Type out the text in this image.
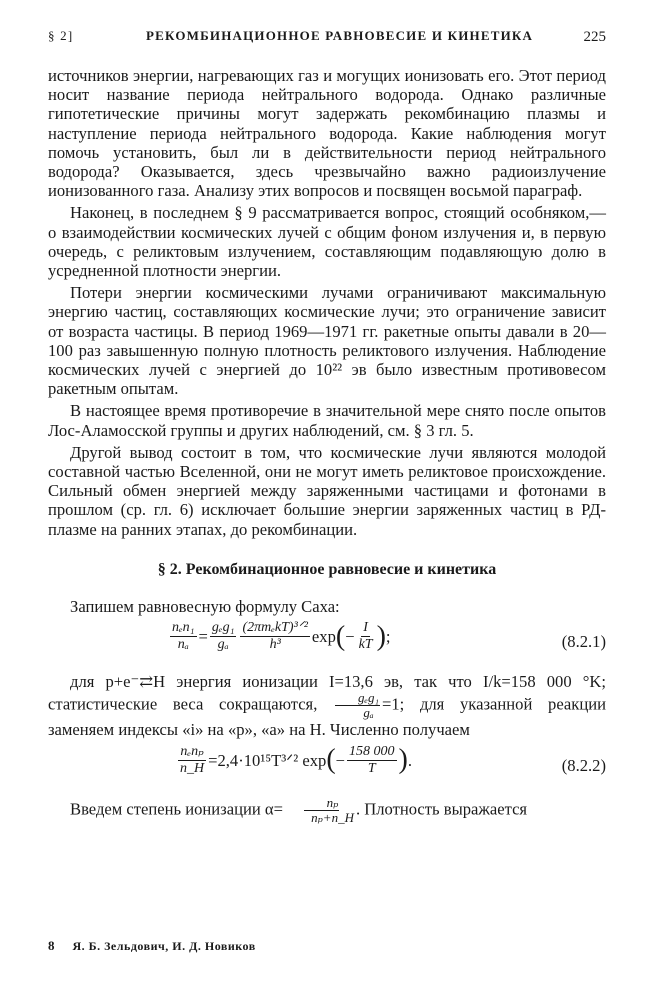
§ 2]	РЕКОМБИНАЦИОННОЕ РАВНОВЕСИЕ И КИНЕТИКА	225

источников энергии, нагревающих газ и могущих ионизовать его. Этот период носит название периода нейтрального водорода. Однако различные гипотетические причины могут задержать рекомбинацию плазмы и наступление периода нейтрального водорода. Какие наблюдения могут помочь установить, был ли в действительности период нейтрального водорода? Оказывается, здесь чрезвычайно важно радиоизлучение ионизованного газа. Анализу этих вопросов и посвящен восьмой параграф.

Наконец, в последнем § 9 рассматривается вопрос, стоящий особняком,— о взаимодействии космических лучей с общим фоном излучения и, в первую очередь, с реликтовым излучением, составляющим подавляющую долю в усредненной плотности энергии.

Потери энергии космическими лучами ограничивают максимальную энергию частиц, составляющих космические лучи; это ограничение зависит от возраста частицы. В период 1969—1971 гг. ракетные опыты давали в 20—100 раз завышенную полную плотность реликтового излучения. Наблюдение космических лучей с энергией до 10²² эв было известным противовесом ракетным опытам.

В настоящее время противоречие в значительной мере снято после опытов Лос-Аламосской группы и других наблюдений, см. § 3 гл. 5.

Другой вывод состоит в том, что космические лучи являются молодой составной частью Вселенной, они не могут иметь реликтовое происхождение. Сильный обмен энергией между заряженными частицами и фотонами в прошлом (ср. гл. 6) исключает большие энергии заряженных частиц в РД-плазме на ранних этапах, до рекомбинации.

§ 2. Рекомбинационное равновесие и кинетика

Запишем равновесную формулу Саха:

$\frac{\text{nₑn₁}}{\text{nₐ}} = \frac{\text{gₑg₁}}{\text{gₐ}} \frac{\text{(2πmₑkT)³ᐟ²}}{\text{h³}}$ exp ( − $\frac{I}{kT}$ ) ;	(8.2.1)

для p+e⁻⇄H энергия ионизации I=13,6 эв, так что I/k=158 000 °K; статистические веса сокращаются, $\frac{\text{gₑg₁}}{\text{gₐ}} =1$; для указанной реакции заменяем индексы «i» на «p», «a» на H. Численно получаем

$\frac{\text{nₑnₚ}}{n\_H}$ =2,4·10¹⁵T³ᐟ² exp ( − $\frac{158 000}{T}$ ) .	(8.2.2)

Введем степень ионизации $\alpha= \frac{\text{nₚ}}{\text{nₚ+n\_H}}$ . Плотность выражается

8 Я. Б. Зельдович, И. Д. Новиков
